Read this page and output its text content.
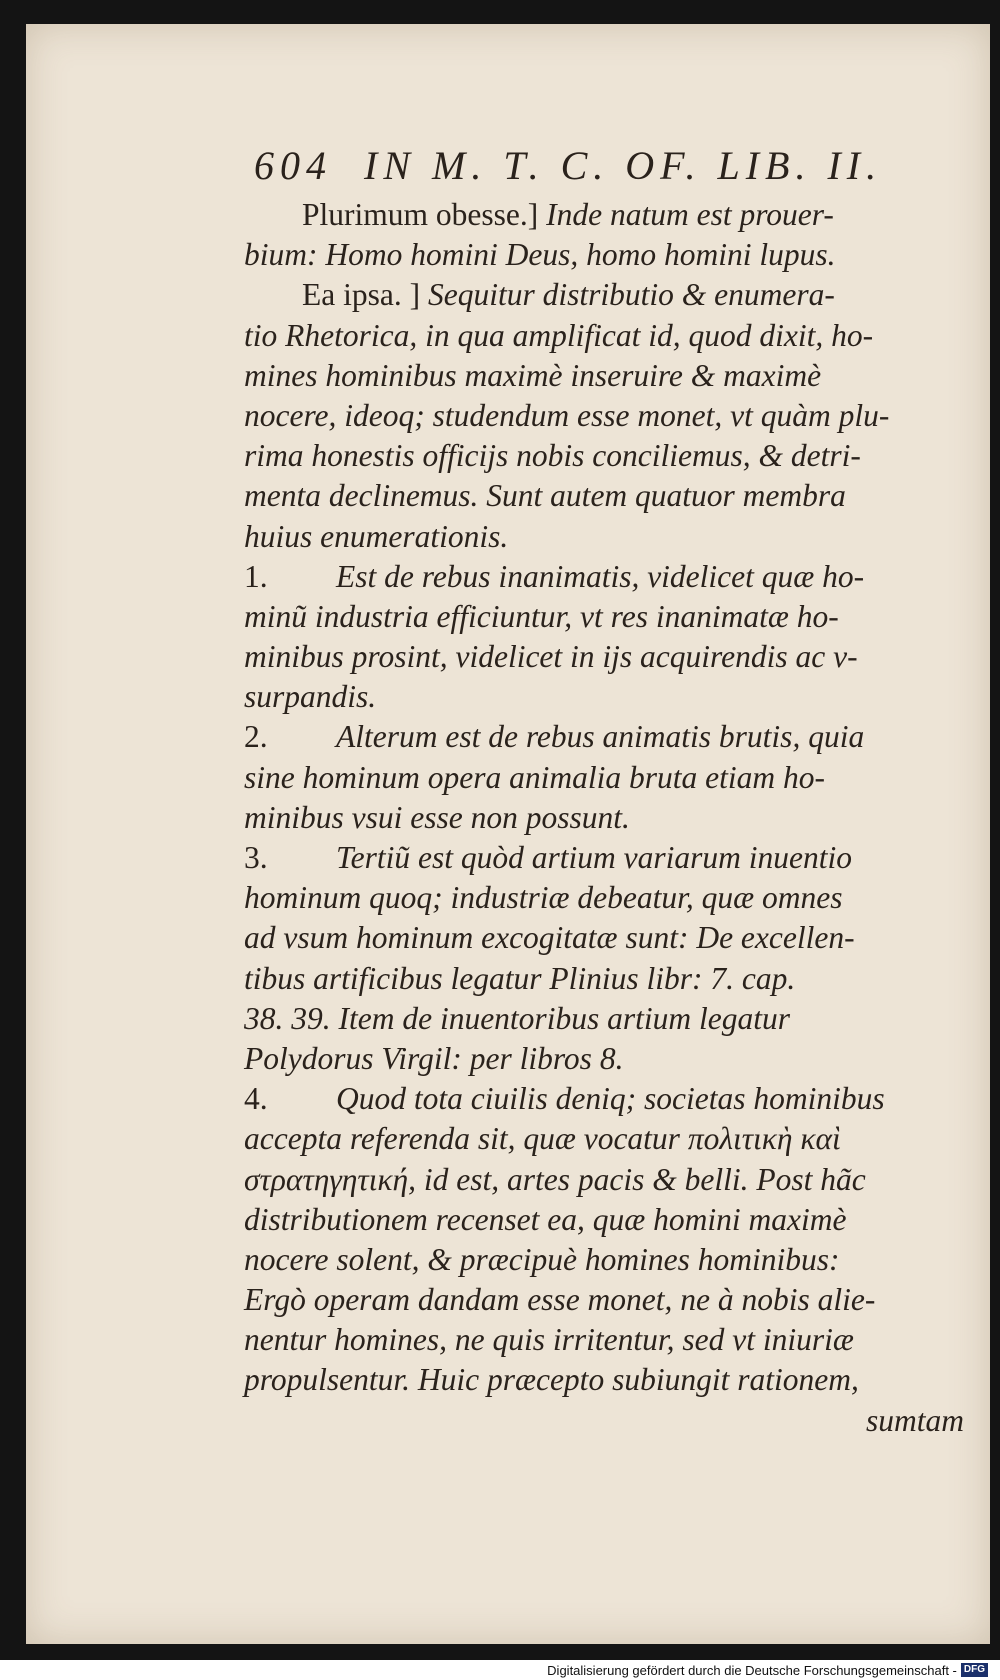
604 IN M. T. C. OF. LIB. II.
Plurimum obesse.] Inde natum est prouer-
bium: Homo homini Deus, homo homini lupus.
Ea ipsa. ] Sequitur distributio & enumera-
tio Rhetorica, in qua amplificat id, quod dixit, ho-
mines hominibus maximè inseruire & maximè
nocere, ideoq; studendum esse monet, vt quàm plu-
rima honestis officijs nobis conciliemus, & detri-
menta declinemus. Sunt autem quatuor membra
huius enumerationis.
1. Est de rebus inanimatis, videlicet quæ ho-
minũ industria efficiuntur, vt res inanimatæ ho-
minibus prosint, videlicet in ijs acquirendis ac v-
surpandis.
2. Alterum est de rebus animatis brutis, quia
sine hominum opera animalia bruta etiam ho-
minibus vsui esse non possunt.
3. Tertiũ est quòd artium variarum inuentio
hominum quoq; industriæ debeatur, quæ omnes
ad vsum hominum excogitatæ sunt: De excellen-
tibus artificibus legatur Plinius libr: 7. cap.
38. 39. Item de inuentoribus artium legatur
Polydorus Virgil: per libros 8.
4. Quod tota ciuilis deniq; societas hominibus
accepta referenda sit, quæ vocatur πολιτικὴ καὶ
στρατηγητική, id est, artes pacis & belli. Post hãc
distributionem recenset ea, quæ homini maximè
nocere solent, & præcipuè homines hominibus:
Ergò operam dandam esse monet, ne à nobis alie-
nentur homines, ne quis irritentur, sed vt iniuriæ
propulsentur. Huic præcepto subiungit rationem,
sumtam
Digitalisierung gefördert durch die Deutsche Forschungsgemeinschaft - DFG
